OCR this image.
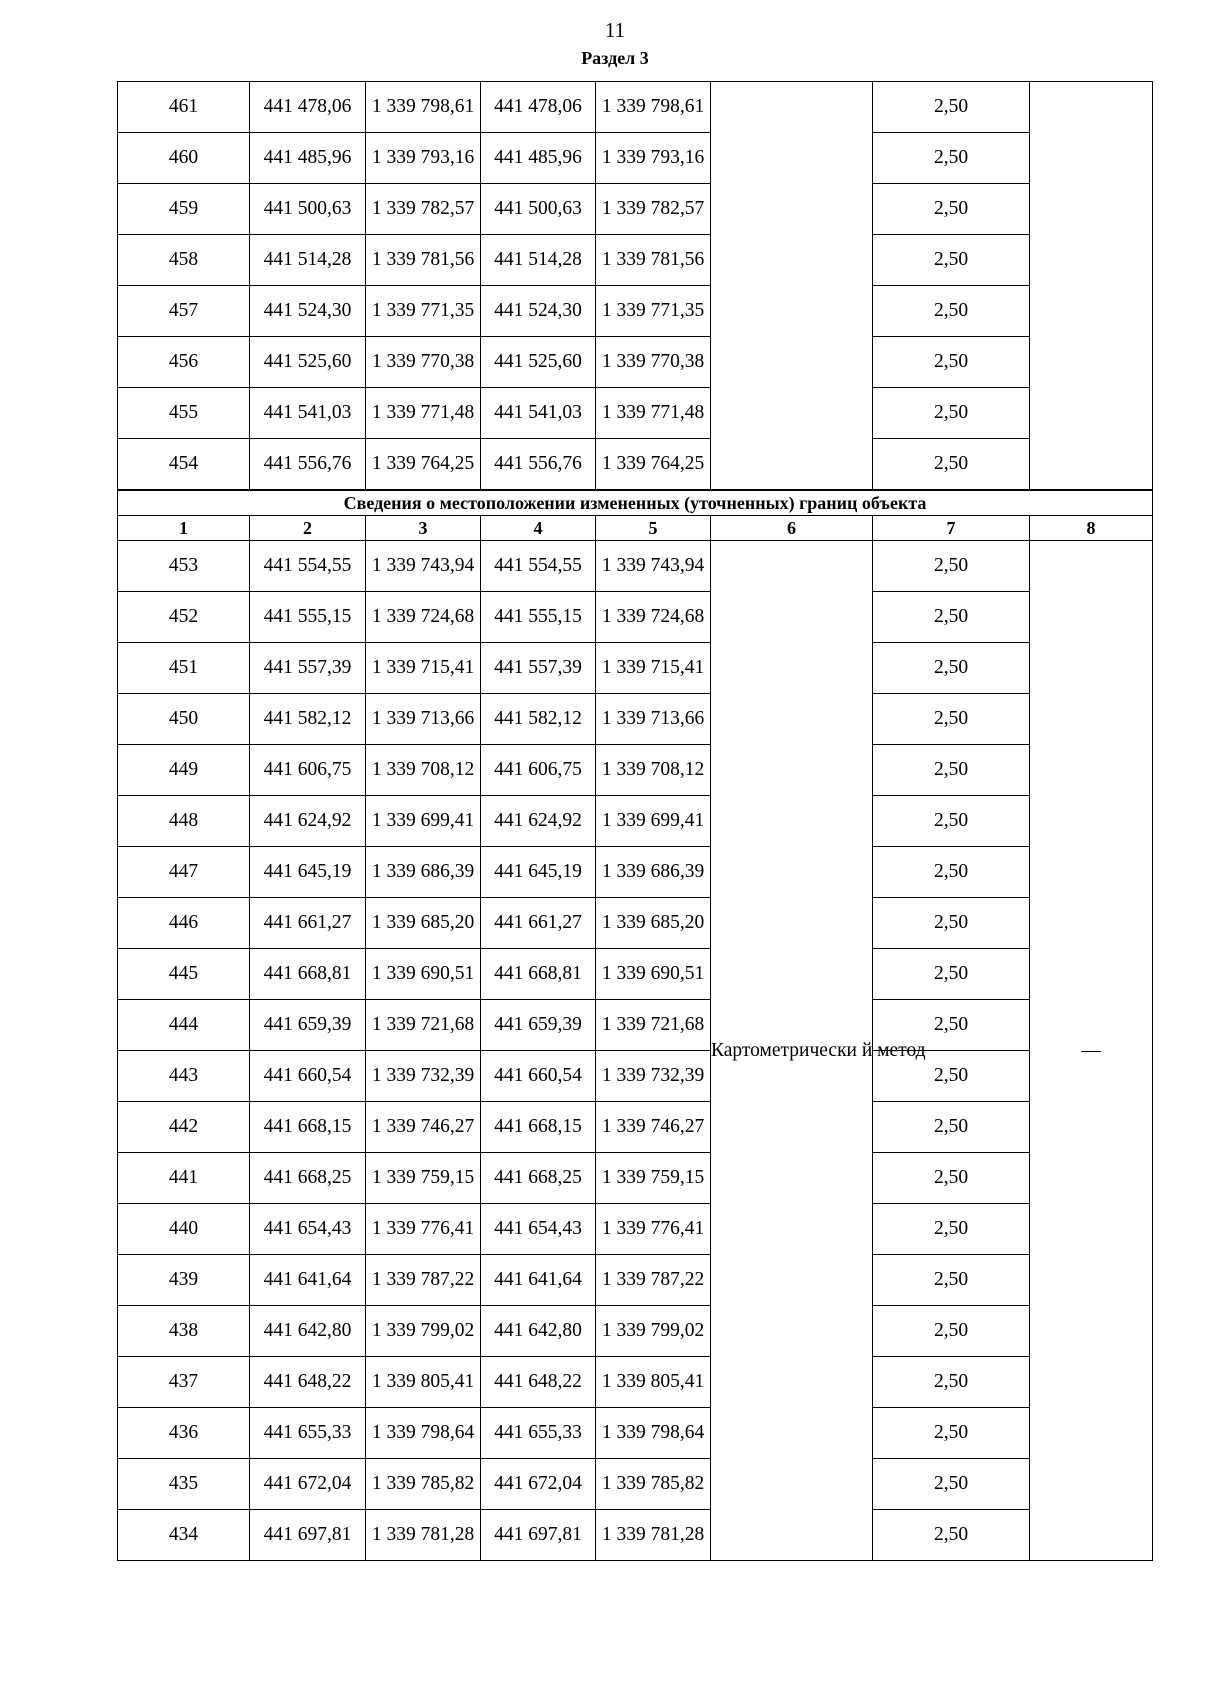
11
Раздел 3
461	441 478,06	1 339 798,61	441 478,06	1 339 798,61		2,50	
460	441 485,96	1 339 793,16	441 485,96	1 339 793,16		2,50	
459	441 500,63	1 339 782,57	441 500,63	1 339 782,57		2,50	
458	441 514,28	1 339 781,56	441 514,28	1 339 781,56		2,50	
457	441 524,30	1 339 771,35	441 524,30	1 339 771,35		2,50	
456	441 525,60	1 339 770,38	441 525,60	1 339 770,38		2,50	
455	441 541,03	1 339 771,48	441 541,03	1 339 771,48		2,50	
454	441 556,76	1 339 764,25	441 556,76	1 339 764,25		2,50	
Сведения о местоположении измененных (уточненных) границ объекта							
1	2	3	4	5	6	7	8
453	441 554,55	1 339 743,94	441 554,55	1 339 743,94	Картометрически й метод	2,50	—
452	441 555,15	1 339 724,68	441 555,15	1 339 724,68		2,50	
451	441 557,39	1 339 715,41	441 557,39	1 339 715,41		2,50	
450	441 582,12	1 339 713,66	441 582,12	1 339 713,66		2,50	
449	441 606,75	1 339 708,12	441 606,75	1 339 708,12		2,50	
448	441 624,92	1 339 699,41	441 624,92	1 339 699,41		2,50	
447	441 645,19	1 339 686,39	441 645,19	1 339 686,39		2,50	
446	441 661,27	1 339 685,20	441 661,27	1 339 685,20		2,50	
445	441 668,81	1 339 690,51	441 668,81	1 339 690,51		2,50	
444	441 659,39	1 339 721,68	441 659,39	1 339 721,68		2,50	
443	441 660,54	1 339 732,39	441 660,54	1 339 732,39		2,50	
442	441 668,15	1 339 746,27	441 668,15	1 339 746,27		2,50	
441	441 668,25	1 339 759,15	441 668,25	1 339 759,15		2,50	
440	441 654,43	1 339 776,41	441 654,43	1 339 776,41		2,50	
439	441 641,64	1 339 787,22	441 641,64	1 339 787,22		2,50	
438	441 642,80	1 339 799,02	441 642,80	1 339 799,02		2,50	
437	441 648,22	1 339 805,41	441 648,22	1 339 805,41		2,50	
436	441 655,33	1 339 798,64	441 655,33	1 339 798,64		2,50	
435	441 672,04	1 339 785,82	441 672,04	1 339 785,82		2,50	
434	441 697,81	1 339 781,28	441 697,81	1 339 781,28		2,50	
